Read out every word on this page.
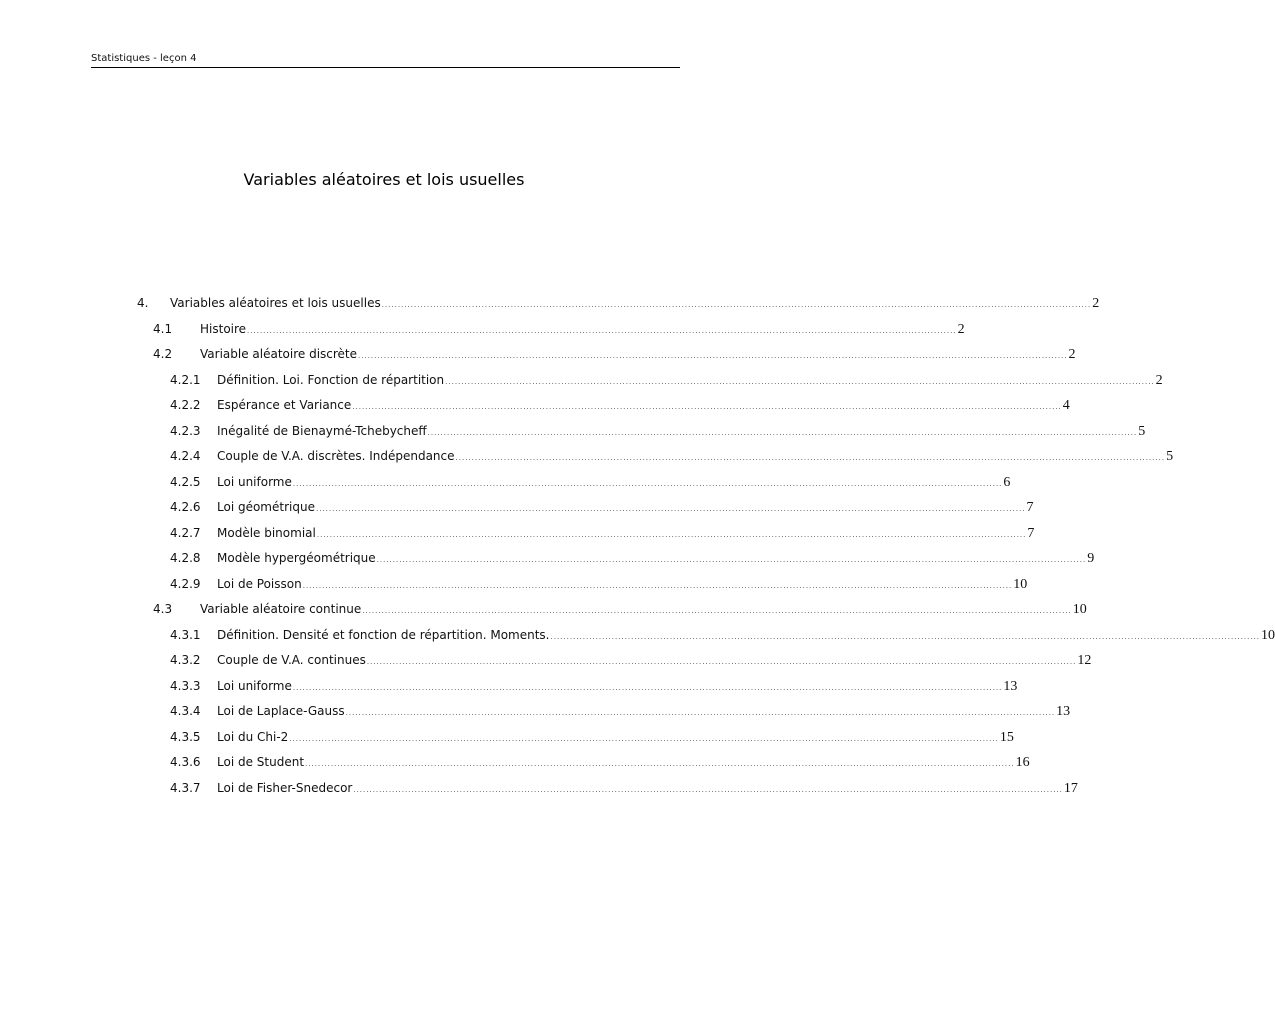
Statistiques - leçon 4
Variables aléatoires et lois usuelles
4.	Variables aléatoires et lois usuelles ............................................................................................................................................................................................................................ 2
4.1	Histoire ............................................................................................................................................................................................................................ 2
4.2	Variable aléatoire discrète ............................................................................................................................................................................................................................ 2
4.2.1	Définition. Loi. Fonction de répartition ............................................................................................................................................................................................................................ 2
4.2.2	Espérance et Variance ............................................................................................................................................................................................................................ 4
4.2.3	Inégalité de Bienaymé-Tchebycheff ............................................................................................................................................................................................................................ 5
4.2.4	Couple de V.A. discrètes. Indépendance ............................................................................................................................................................................................................................ 5
4.2.5	Loi uniforme ............................................................................................................................................................................................................................ 6
4.2.6	Loi géométrique ............................................................................................................................................................................................................................ 7
4.2.7	Modèle binomial ............................................................................................................................................................................................................................ 7
4.2.8	Modèle hypergéométrique ............................................................................................................................................................................................................................ 9
4.2.9	Loi de Poisson ............................................................................................................................................................................................................................ 10
4.3	Variable aléatoire continue ............................................................................................................................................................................................................................ 10
4.3.1	Définition. Densité et fonction de répartition. Moments. ............................................................................................................................................................................................................................ 10
4.3.2	Couple de V.A. continues ............................................................................................................................................................................................................................ 12
4.3.3	Loi uniforme ............................................................................................................................................................................................................................ 13
4.3.4	Loi de Laplace-Gauss ............................................................................................................................................................................................................................ 13
4.3.5	Loi du Chi-2 ............................................................................................................................................................................................................................ 15
4.3.6	Loi de Student ............................................................................................................................................................................................................................ 16
4.3.7	Loi de Fisher-Snedecor ............................................................................................................................................................................................................................ 17
